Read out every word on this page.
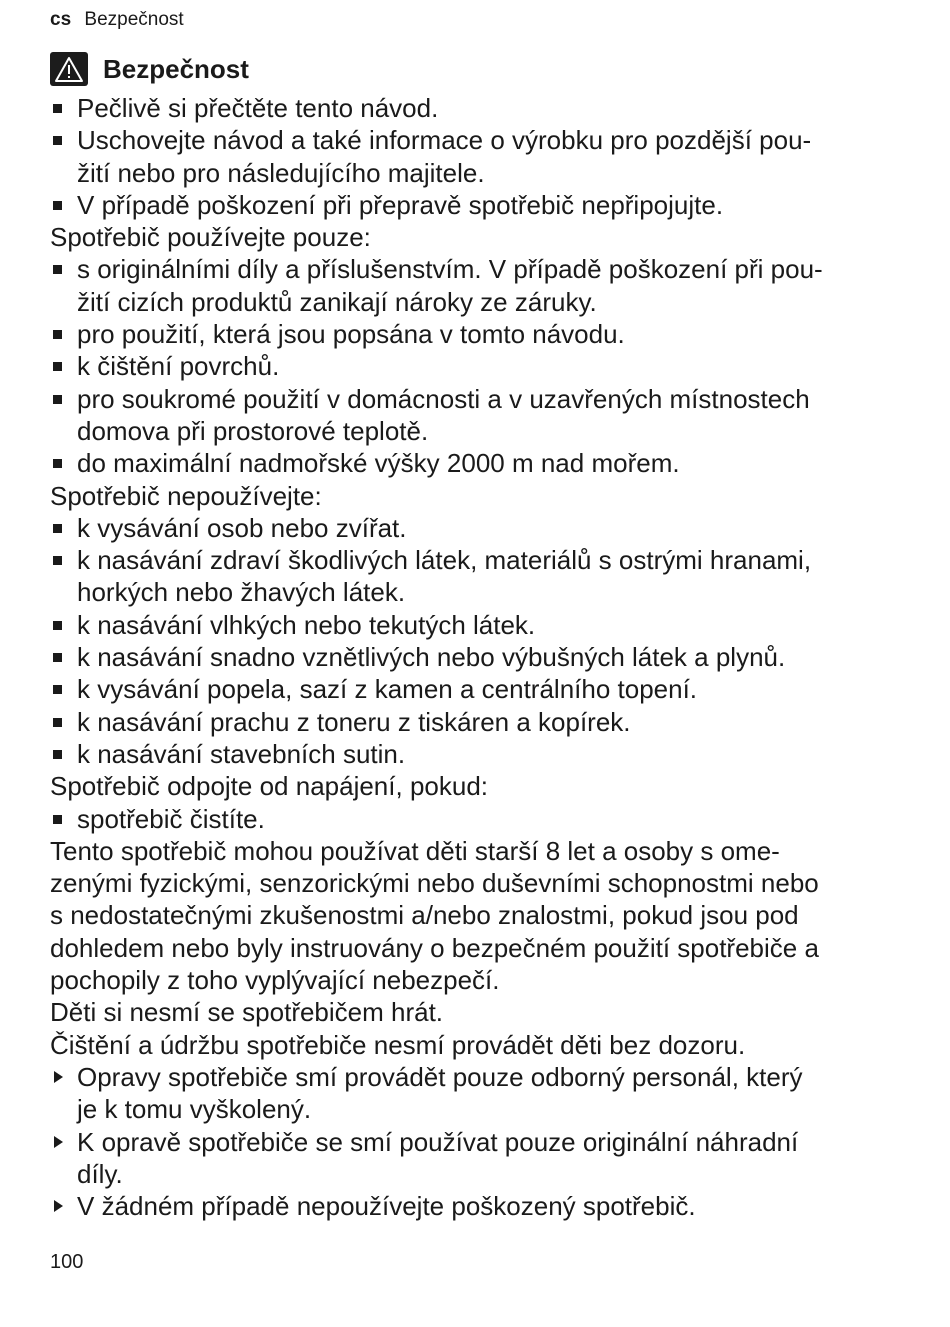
cs Bezpečnost
Bezpečnost
Pečlivě si přečtěte tento návod.
Uschovejte návod a také informace o výrobku pro pozdější pou-
žití nebo pro následujícího majitele.
V případě poškození při přepravě spotřebič nepřipojujte.
Spotřebič používejte pouze:
s originálními díly a příslušenstvím. V případě poškození při pou-
žití cizích produktů zanikají nároky ze záruky.
pro použití, která jsou popsána v tomto návodu.
k čištění povrchů.
pro soukromé použití v domácnosti a v uzavřených místnostech
domova při prostorové teplotě.
do maximální nadmořské výšky 2000 m nad mořem.
Spotřebič nepoužívejte:
k vysávání osob nebo zvířat.
k nasávání zdraví škodlivých látek, materiálů s ostrými hranami,
horkých nebo žhavých látek.
k nasávání vlhkých nebo tekutých látek.
k nasávání snadno vznětlivých nebo výbušných látek a plynů.
k vysávání popela, sazí z kamen a centrálního topení.
k nasávání prachu z toneru z tiskáren a kopírek.
k nasávání stavebních sutin.
Spotřebič odpojte od napájení, pokud:
spotřebič čistíte.
Tento spotřebič mohou používat děti starší 8 let a osoby s ome-
zenými fyzickými, senzorickými nebo duševními schopnostmi nebo
s nedostatečnými zkušenostmi a/nebo znalostmi, pokud jsou pod
dohledem nebo byly instruovány o bezpečném použití spotřebiče a
pochopily z toho vyplývající nebezpečí.
Děti si nesmí se spotřebičem hrát.
Čištění a údržbu spotřebiče nesmí provádět děti bez dozoru.
Opravy spotřebiče smí provádět pouze odborný personál, který
je k tomu vyškolený.
K opravě spotřebiče se smí používat pouze originální náhradní
díly.
V žádném případě nepoužívejte poškozený spotřebič.
100
